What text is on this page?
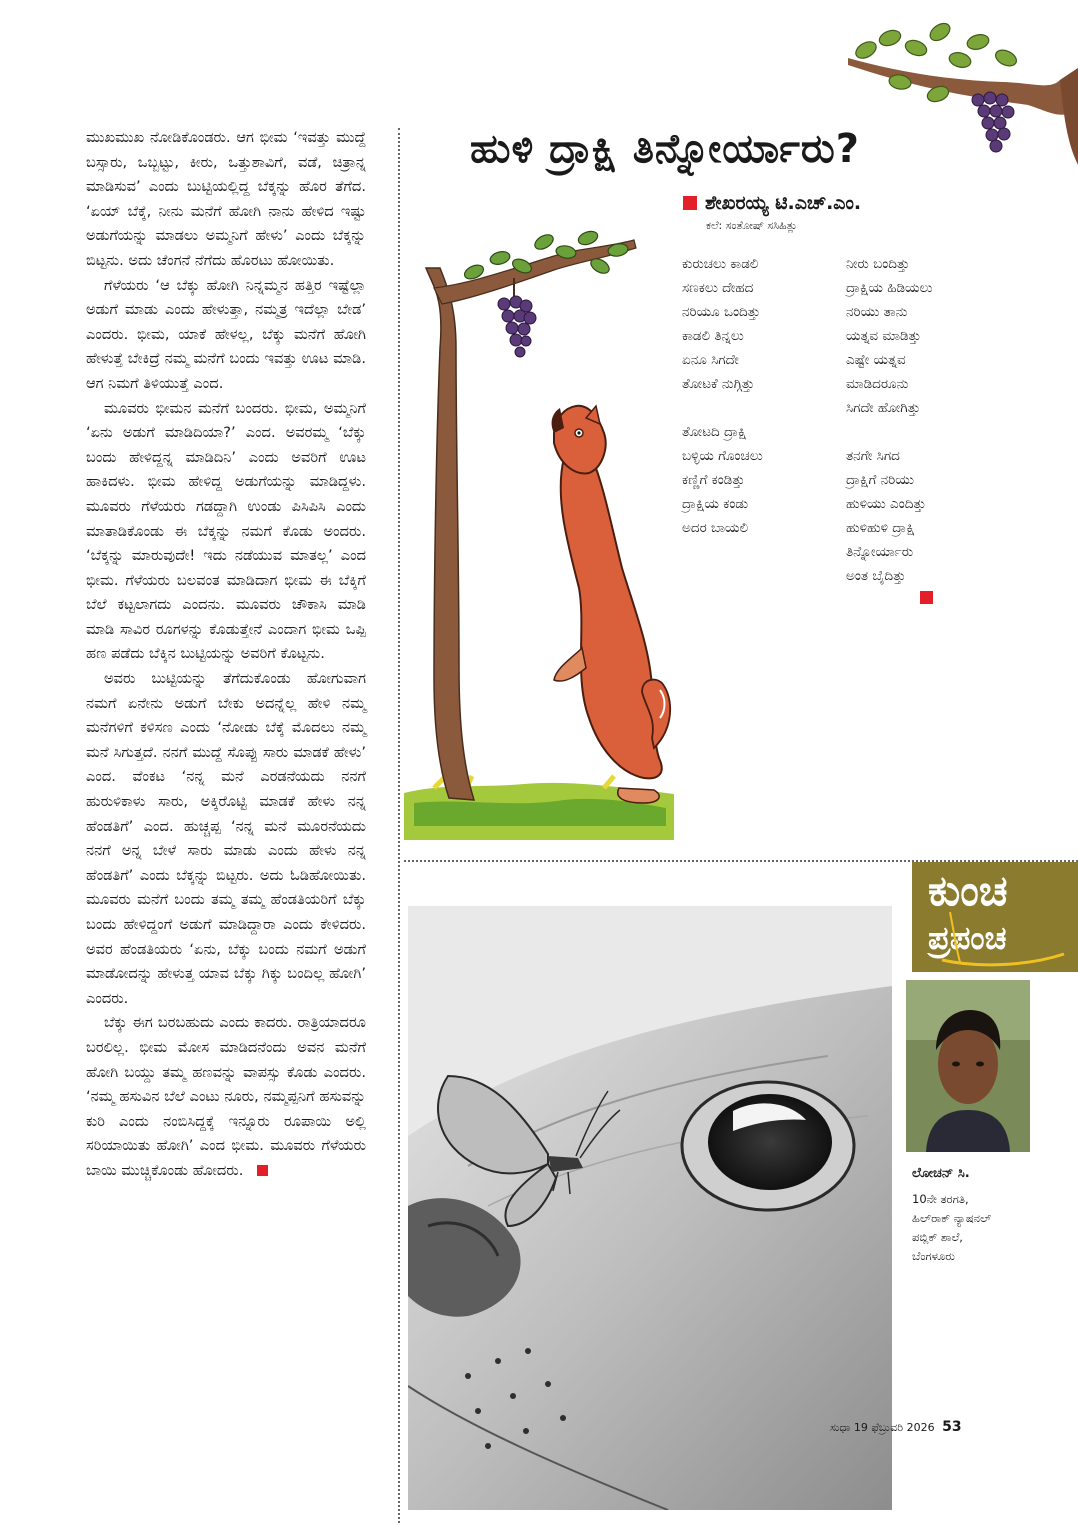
ಮುಖಮುಖ ನೋಡಿಕೊಂಡರು. ಆಗ ಭೀಮ ‘ಇವತ್ತು ಮುದ್ದೆ ಬಸ್ಸಾರು, ಒಬ್ಬಟ್ಟು, ಕೀರು, ಒತ್ತುಶಾವಿಗೆ, ವಡೆ, ಚಿತ್ರಾನ್ನ ಮಾಡಿಸುವ’ ಎಂದು ಬುಟ್ಟಿಯಲ್ಲಿದ್ದ ಬೆಕ್ಕನ್ನು ಹೊರ ತೆಗೆದ. ‘ಏಯ್ ಬೆಕ್ಕೆ, ನೀನು ಮನೆಗೆ ಹೋಗಿ ನಾನು ಹೇಳಿದ ಇಷ್ಟು ಅಡುಗೆಯನ್ನು ಮಾಡಲು ಅಮ್ಮನಿಗೆ ಹೇಳು’ ಎಂದು ಬೆಕ್ಕನ್ನು ಬಿಟ್ಟನು. ಅದು ಚೆಂಗನೆ ನೆಗೆದು ಹೊರಟು ಹೋಯಿತು.

ಗೆಳೆಯರು ‘ಆ ಬೆಕ್ಕು ಹೋಗಿ ನಿನ್ನಮ್ಮನ ಹತ್ತಿರ ಇಷ್ಟೆಲ್ಲಾ ಅಡುಗೆ ಮಾಡು ಎಂದು ಹೇಳುತ್ತಾ, ನಮ್ಮತ್ರ ಇದೆಲ್ಲಾ ಬೇಡ’ ಎಂದರು. ಭೀಮ, ಯಾಕೆ ಹೇಳಲ್ಲ, ಬೆಕ್ಕು ಮನೆಗೆ ಹೋಗಿ ಹೇಳುತ್ತೆ ಬೇಕಿದ್ರೆ ನಮ್ಮ ಮನೆಗೆ ಬಂದು ಇವತ್ತು ಊಟ ಮಾಡಿ. ಆಗ ನಿಮಗೆ ತಿಳಿಯುತ್ತೆ ಎಂದ.

ಮೂವರು ಭೀಮನ ಮನೆಗೆ ಬಂದರು. ಭೀಮ, ಅಮ್ಮನಿಗೆ ‘ಏನು ಅಡುಗೆ ಮಾಡಿದಿಯಾ?’ ಎಂದ. ಅವರಮ್ಮ ‘ಬೆಕ್ಕು ಬಂದು ಹೇಳಿದ್ದನ್ನ ಮಾಡಿದಿನಿ’ ಎಂದು ಅವರಿಗೆ ಊಟ ಹಾಕಿದಳು. ಭೀಮ ಹೇಳಿದ್ದ ಅಡುಗೆಯನ್ನು ಮಾಡಿದ್ದಳು. ಮೂವರು ಗೆಳೆಯರು ಗಡದ್ದಾಗಿ ಉಂಡು ಪಿಸಿಪಿಸಿ ಎಂದು ಮಾತಾಡಿಕೊಂಡು ಈ ಬೆಕ್ಕನ್ನು ನಮಗೆ ಕೊಡು ಅಂದರು. ‘ಬೆಕ್ಕನ್ನು ಮಾರುವುದೇ! ಇದು ನಡೆಯುವ ಮಾತಲ್ಲ’ ಎಂದ ಭೀಮ. ಗೆಳೆಯರು ಬಲವಂತ ಮಾಡಿದಾಗ ಭೀಮ ಈ ಬೆಕ್ಕಿಗೆ ಬೆಲೆ ಕಟ್ಟಲಾಗದು ಎಂದನು. ಮೂವರು ಚೌಕಾಸಿ ಮಾಡಿ ಮಾಡಿ ಸಾವಿರ ರೂಗಳನ್ನು ಕೊಡುತ್ತೇನೆ ಎಂದಾಗ ಭೀಮ ಒಪ್ಪಿ ಹಣ ಪಡೆದು ಬೆಕ್ಕಿನ ಬುಟ್ಟಿಯನ್ನು ಅವರಿಗೆ ಕೊಟ್ಟನು.

ಅವರು ಬುಟ್ಟಿಯನ್ನು ತೆಗೆದುಕೊಂಡು ಹೋಗುವಾಗ ನಮಗೆ ಏನೇನು ಅಡುಗೆ ಬೇಕು ಅದನ್ನೆಲ್ಲ ಹೇಳಿ ನಮ್ಮ ಮನೆಗಳಿಗೆ ಕಳಿಸಣ ಎಂದು ‘ನೋಡು ಬೆಕ್ಕೆ ಮೊದಲು ನಮ್ಮ ಮನೆ ಸಿಗುತ್ತದೆ. ನನಗೆ ಮುದ್ದೆ ಸೊಪ್ಪು ಸಾರು ಮಾಡಕೆ ಹೇಳು’ ಎಂದ. ವೆಂಕಟ ‘ನನ್ನ ಮನೆ ಎರಡನೆಯದು ನನಗೆ ಹುರುಳಿಕಾಳು ಸಾರು, ಅಕ್ಕಿರೊಟ್ಟಿ ಮಾಡಕೆ ಹೇಳು ನನ್ನ ಹೆಂಡತಿಗೆ’ ಎಂದ. ಹುಚ್ಚಪ್ಪ ‘ನನ್ನ ಮನೆ ಮೂರನೆಯದು ನನಗೆ ಅನ್ನ ಬೇಳೆ ಸಾರು ಮಾಡು ಎಂದು ಹೇಳು ನನ್ನ ಹೆಂಡತಿಗೆ’ ಎಂದು ಬೆಕ್ಕನ್ನು ಬಿಟ್ಟರು. ಅದು ಓಡಿಹೋಯಿತು. ಮೂವರು ಮನೆಗೆ ಬಂದು ತಮ್ಮ ತಮ್ಮ ಹೆಂಡತಿಯರಿಗೆ ಬೆಕ್ಕು ಬಂದು ಹೇಳಿದ್ದಂಗೆ ಅಡುಗೆ ಮಾಡಿದ್ದಾರಾ ಎಂದು ಕೇಳಿದರು. ಅವರ ಹೆಂಡತಿಯರು ‘ಏನು, ಬೆಕ್ಕು ಬಂದು ನಮಗೆ ಅಡುಗೆ ಮಾಡೋದನ್ನು ಹೇಳುತ್ತ ಯಾವ ಬೆಕ್ಕು ಗಿಕ್ಕು ಬಂದಿಲ್ಲ ಹೋಗಿ’ ಎಂದರು.

ಬೆಕ್ಕು ಈಗ ಬರಬಹುದು ಎಂದು ಕಾದರು. ರಾತ್ರಿಯಾದರೂ ಬರಲಿಲ್ಲ. ಭೀಮ ಮೋಸ ಮಾಡಿದನೆಂದು ಅವನ ಮನೆಗೆ ಹೋಗಿ ಬಯ್ದು ತಮ್ಮ ಹಣವನ್ನು ವಾಪಸ್ಸು ಕೊಡು ಎಂದರು. ‘ನಮ್ಮ ಹಸುವಿನ ಬೆಲೆ ಎಂಟು ನೂರು, ನಮ್ಮಪ್ಪನಿಗೆ ಹಸುವನ್ನು ಕುರಿ ಎಂದು ನಂಬಿಸಿದ್ದಕ್ಕೆ ಇನ್ನೂರು ರೂಪಾಯಿ ಅಲ್ಲಿ ಸರಿಯಾಯಿತು ಹೋಗಿ’ ಎಂದ ಭೀಮ. ಮೂವರು ಗೆಳೆಯರು ಬಾಯಿ ಮುಚ್ಚಿಕೊಂಡು ಹೋದರು.

ಹುಳಿ ದ್ರಾಕ್ಷಿ ತಿನ್ನೋರ್ಯಾರು?
ಶೇಖರಯ್ಯ ಟಿ.ಎಚ್.ಎಂ.
ಕಲೆ: ಸಂತೋಷ್ ಸಸಿಹಿತ್ಲು
ಕುರುಚಲು ಕಾಡಲಿ
ಸಣಕಲು ದೇಹದ
ನರಿಯೂ ಒಂದಿತ್ತು
ಕಾಡಲಿ ತಿನ್ನಲು
ಏನೂ ಸಿಗದೇ
ತೋಟಕೆ ನುಗ್ಗಿತ್ತು
ತೋಟದಿ ದ್ರಾಕ್ಷಿ
ಬಳ್ಳಿಯ ಗೊಂಚಲು
ಕಣ್ಣಿಗೆ ಕಂಡಿತ್ತು
ದ್ರಾಕ್ಷಿಯ ಕಂಡು
ಅದರ ಬಾಯಲಿ
ನೀರು ಬಂದಿತ್ತು
ದ್ರಾಕ್ಷಿಯ ಹಿಡಿಯಲು
ನರಿಯು ತಾನು
ಯತ್ನವ ಮಾಡಿತ್ತು
ಎಷ್ಟೇ ಯತ್ನವ
ಮಾಡಿದರೂನು
ಸಿಗದೇ ಹೋಗಿತ್ತು
ತನಗೇ ಸಿಗದ
ದ್ರಾಕ್ಷಿಗೆ ನರಿಯು
ಹುಳಿಯು ಎಂದಿತ್ತು
ಹುಳಿಹುಳಿ ದ್ರಾಕ್ಷಿ
ತಿನ್ನೋರ್ಯಾರು
ಅಂತ ಬೈದಿತ್ತು
ಕುಂಚ
ಪ್ರಪಂಚ
ಲೋಚನ್ ಸಿ.
10ನೇ ತರಗತಿ,
ಹಿಲ್‌ರಾಕ್ ನ್ಯಾಷನಲ್
ಪಬ್ಲಿಕ್ ಶಾಲೆ,
ಬೆಂಗಳೂರು
ಸುಧಾ 19 ಫೆಬ್ರುವರಿ 2026 53
